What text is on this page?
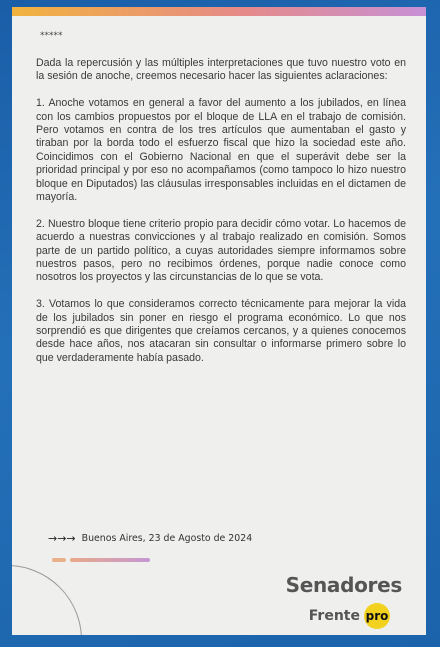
*****

Dada la repercusión y las múltiples interpretaciones que tuvo nuestro voto en la sesión de anoche, creemos necesario hacer las siguientes aclaraciones:

1. Anoche votamos en general a favor del aumento a los jubilados, en línea con los cambios propuestos por el bloque de LLA en el trabajo de comisión. Pero votamos en contra de los tres artículos que aumentaban el gasto y tiraban por la borda todo el esfuerzo fiscal que hizo la sociedad este año. Coincidimos con el Gobierno Nacional en que el superávit debe ser la prioridad principal y por eso no acompañamos (como tampoco lo hizo nuestro bloque en Diputados) las cláusulas irresponsables incluidas en el dictamen de mayoría.

2. Nuestro bloque tiene criterio propio para decidir cómo votar. Lo hacemos de acuerdo a nuestras convicciones y al trabajo realizado en comisión. Somos parte de un partido político, a cuyas autoridades siempre informamos sobre nuestros pasos, pero no recibimos órdenes, porque nadie conoce como nosotros los proyectos y las circunstancias de lo que se vota.

3. Votamos lo que consideramos correcto técnicamente para mejorar la vida de los jubilados sin poner en riesgo el programa económico. Lo que nos sorprendió es que dirigentes que creíamos cercanos, y a quienes conocemos desde hace años, nos atacaran sin consultar o informarse primero sobre lo que verdaderamente había pasado.

→→→ Buenos Aires, 23 de Agosto de 2024
Senadores
Frente pro
